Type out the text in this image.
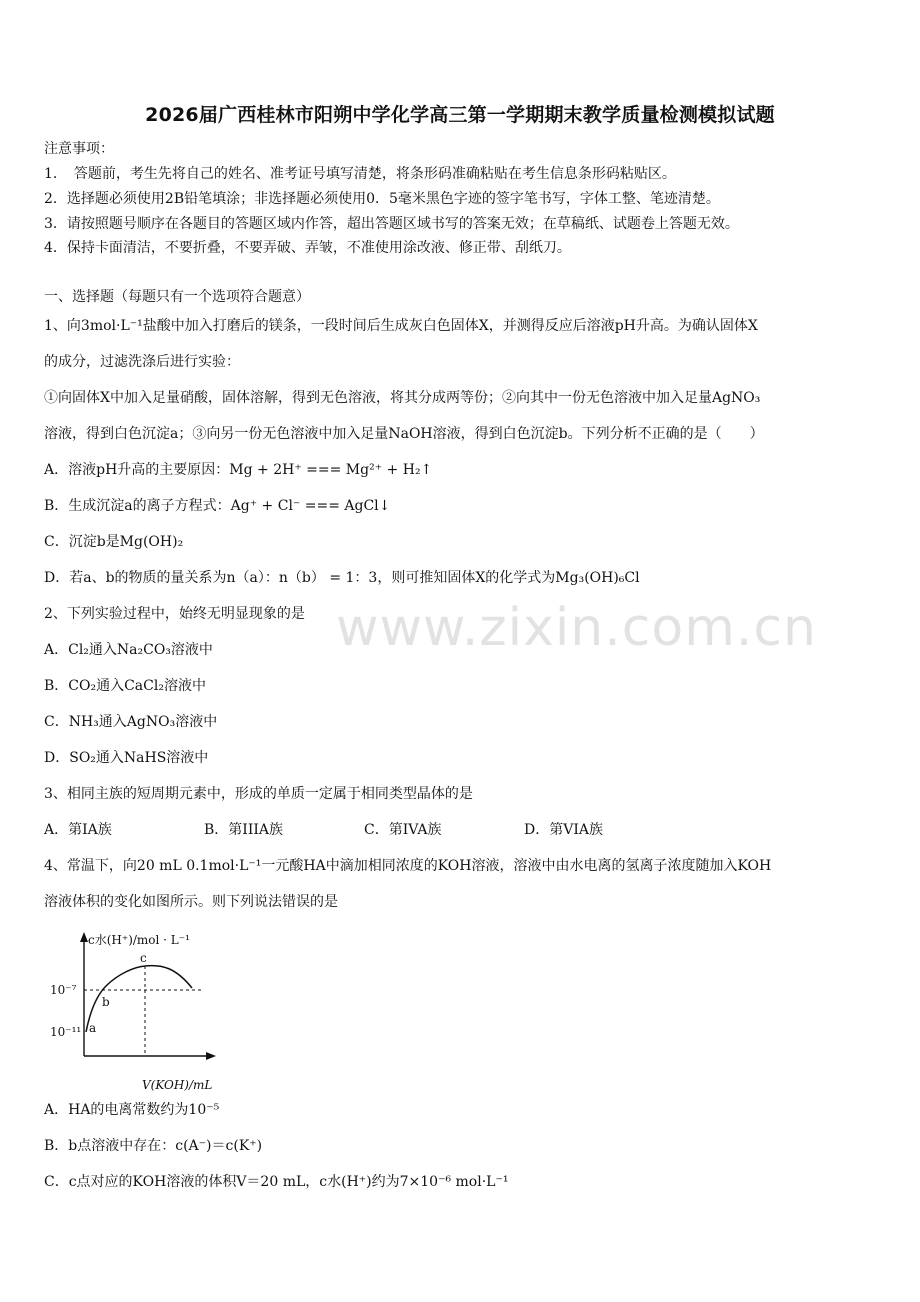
www.zixin.com.cn
2026届广西桂林市阳朔中学化学高三第一学期期末教学质量检测模拟试题
注意事项：
1．　答题前，考生先将自己的姓名、准考证号填写清楚，将条形码准确粘贴在考生信息条形码粘贴区。
2．选择题必须使用2B铅笔填涂；非选择题必须使用0．5毫米黑色字迹的签字笔书写，字体工整、笔迹清楚。
3．请按照题号顺序在各题目的答题区域内作答，超出答题区域书写的答案无效；在草稿纸、试题卷上答题无效。
4．保持卡面清洁，不要折叠，不要弄破、弄皱，不准使用涂改液、修正带、刮纸刀。
一、选择题（每题只有一个选项符合题意）
1、向3mol·L⁻¹盐酸中加入打磨后的镁条，一段时间后生成灰白色固体X，并测得反应后溶液pH升高。为确认固体X
的成分，过滤洗涤后进行实验：
①向固体X中加入足量硝酸，固体溶解，得到无色溶液，将其分成两等份；②向其中一份无色溶液中加入足量AgNO₃
溶液，得到白色沉淀a；③向另一份无色溶液中加入足量NaOH溶液，得到白色沉淀b。下列分析不正确的是（　　）
A．溶液pH升高的主要原因：Mg + 2H⁺ === Mg²⁺ + H₂↑
B．生成沉淀a的离子方程式：Ag⁺ + Cl⁻ === AgCl↓
C．沉淀b是Mg(OH)₂
D．若a、b的物质的量关系为n（a）：n（b） = 1：3，则可推知固体X的化学式为Mg₃(OH)₆Cl
2、下列实验过程中，始终无明显现象的是
A．Cl₂通入Na₂CO₃溶液中
B．CO₂通入CaCl₂溶液中
C．NH₃通入AgNO₃溶液中
D．SO₂通入NaHS溶液中
3、相同主族的短周期元素中，形成的单质一定属于相同类型晶体的是
A．第IA族	B．第IIIA族	C．第IVA族	D．第VIA族
4、常温下，向20 mL 0.1mol·L⁻¹一元酸HA中滴加相同浓度的KOH溶液，溶液中由水电离的氢离子浓度随加入KOH
溶液体积的变化如图所示。则下列说法错误的是
c水(H⁺)/mol · L⁻¹
V(KOH)/mL
10⁻⁷
10⁻¹¹ a
b
c
A．HA的电离常数约为10⁻⁵
B．b点溶液中存在：c(A⁻)＝c(K⁺)
C．c点对应的KOH溶液的体积V＝20 mL，c水(H⁺)约为7×10⁻⁶ mol·L⁻¹
